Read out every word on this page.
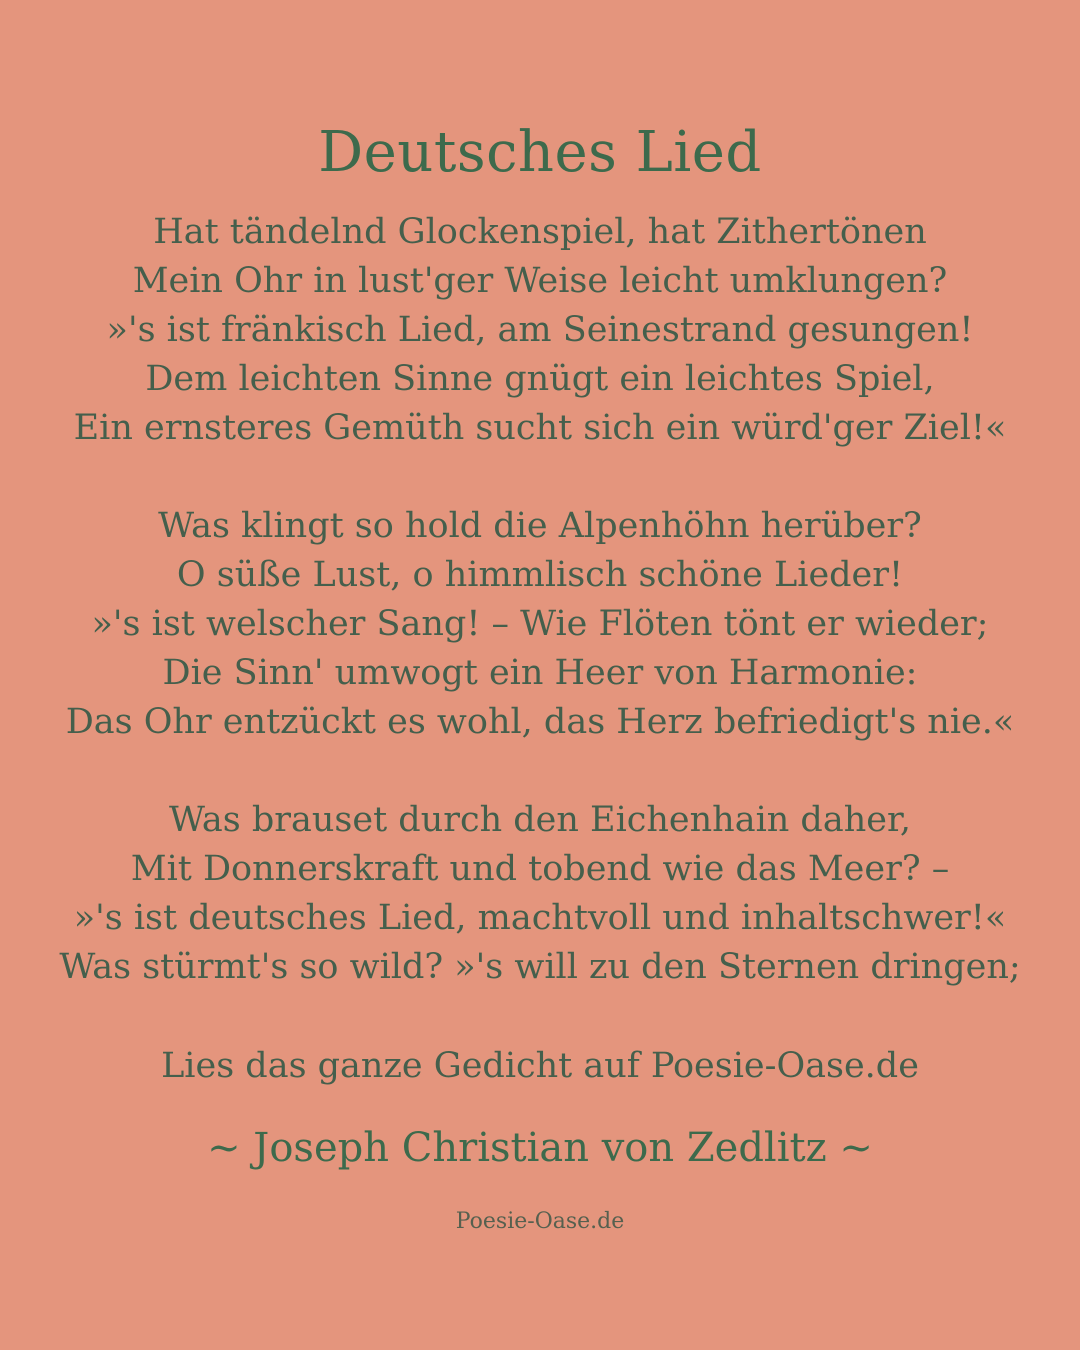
Deutsches Lied
Hat tändelnd Glockenspiel, hat Zithertönen
Mein Ohr in lust'ger Weise leicht umklungen?
»'s ist fränkisch Lied, am Seinestrand gesungen!
Dem leichten Sinne gnügt ein leichtes Spiel,
Ein ernsteres Gemüth sucht sich ein würd'ger Ziel!«
Was klingt so hold die Alpenhöhn herüber?
O süße Lust, o himmlisch schöne Lieder!
»'s ist welscher Sang! – Wie Flöten tönt er wieder;
Die Sinn' umwogt ein Heer von Harmonie:
Das Ohr entzückt es wohl, das Herz befriedigt's nie.«
Was brauset durch den Eichenhain daher,
Mit Donnerskraft und tobend wie das Meer? –
»'s ist deutsches Lied, machtvoll und inhaltschwer!«
Was stürmt's so wild? »'s will zu den Sternen dringen;
Lies das ganze Gedicht auf Poesie-Oase.de
~ Joseph Christian von Zedlitz ~
Poesie-Oase.de
